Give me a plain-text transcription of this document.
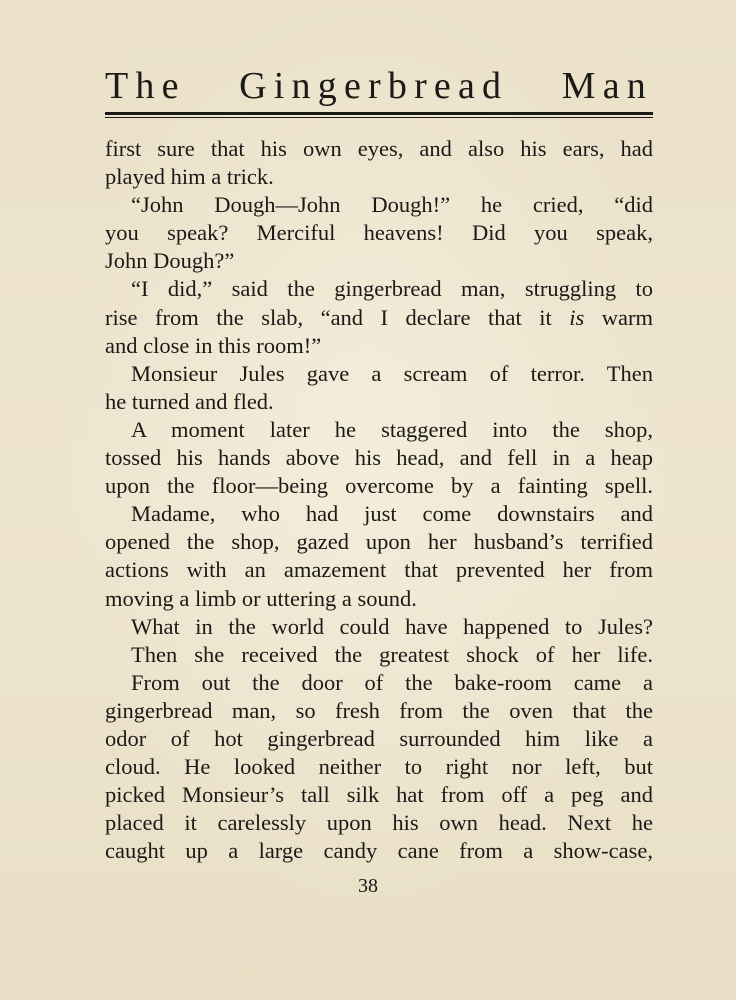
The Gingerbread Man
first sure that his own eyes, and also his ears, had
played him a trick.
“John Dough—John Dough!” he cried, “did
you speak? Merciful heavens! Did you speak,
John Dough?”
“I did,” said the gingerbread man, struggling to
rise from the slab, “and I declare that it is warm
and close in this room!”
Monsieur Jules gave a scream of terror. Then
he turned and fled.
A moment later he staggered into the shop,
tossed his hands above his head, and fell in a heap
upon the floor—being overcome by a fainting spell.
Madame, who had just come downstairs and
opened the shop, gazed upon her husband’s terrified
actions with an amazement that prevented her from
moving a limb or uttering a sound.
What in the world could have happened to Jules?
Then she received the greatest shock of her life.
From out the door of the bake-room came a
gingerbread man, so fresh from the oven that the
odor of hot gingerbread surrounded him like a
cloud. He looked neither to right nor left, but
picked Monsieur’s tall silk hat from off a peg and
placed it carelessly upon his own head. Next he
caught up a large candy cane from a show-case,
38
